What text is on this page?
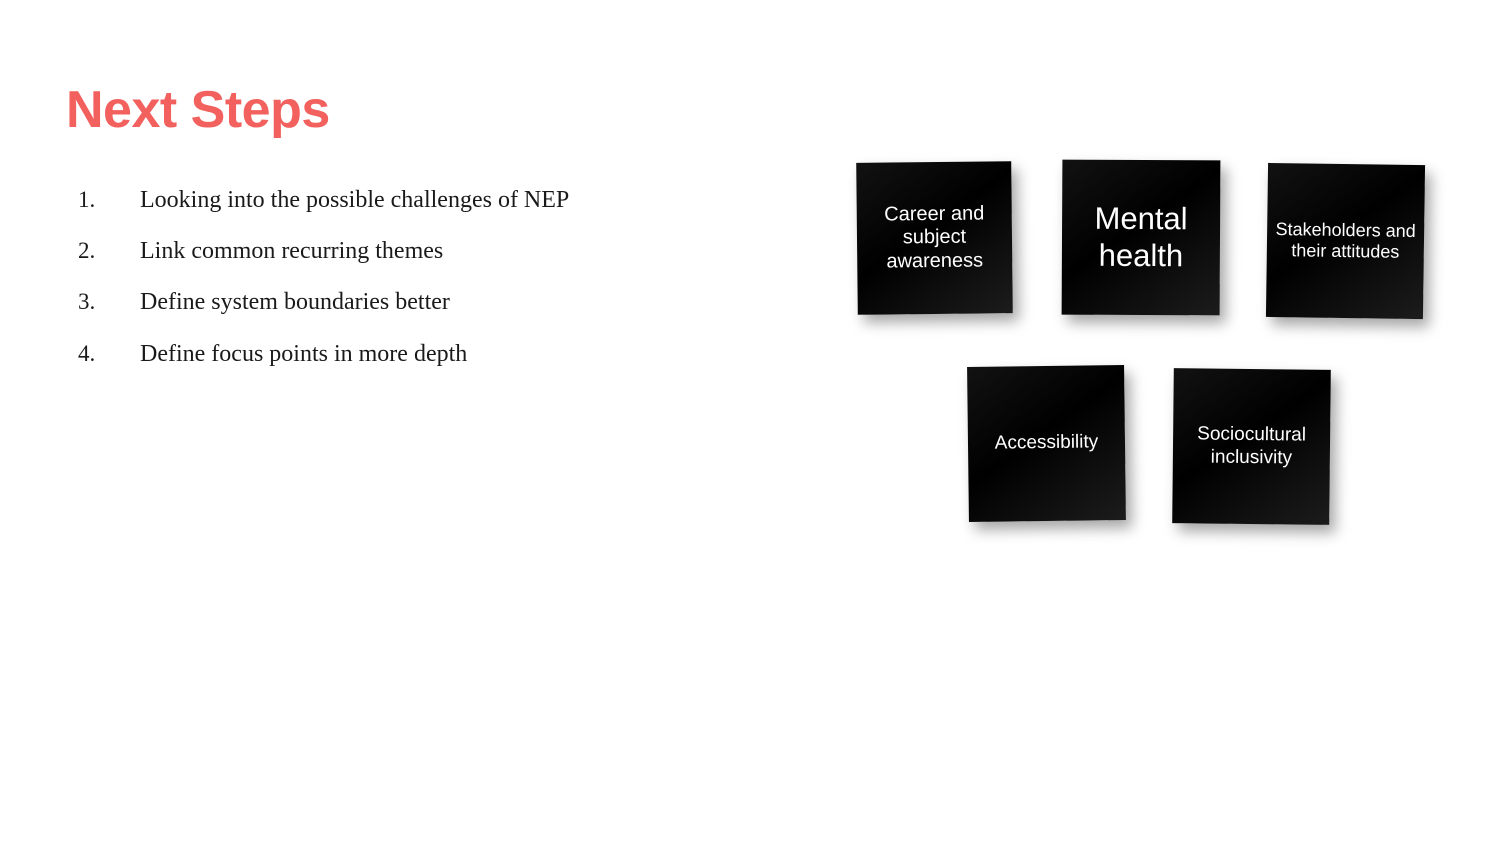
Next Steps
1.	Looking into the possible challenges of NEP
2.	Link common recurring themes
3.	Define system boundaries better
4.	Define focus points in more depth
Career and subject awareness
Mental health
Stakeholders and their attitudes
Accessibility	Sociocultural inclusivity
